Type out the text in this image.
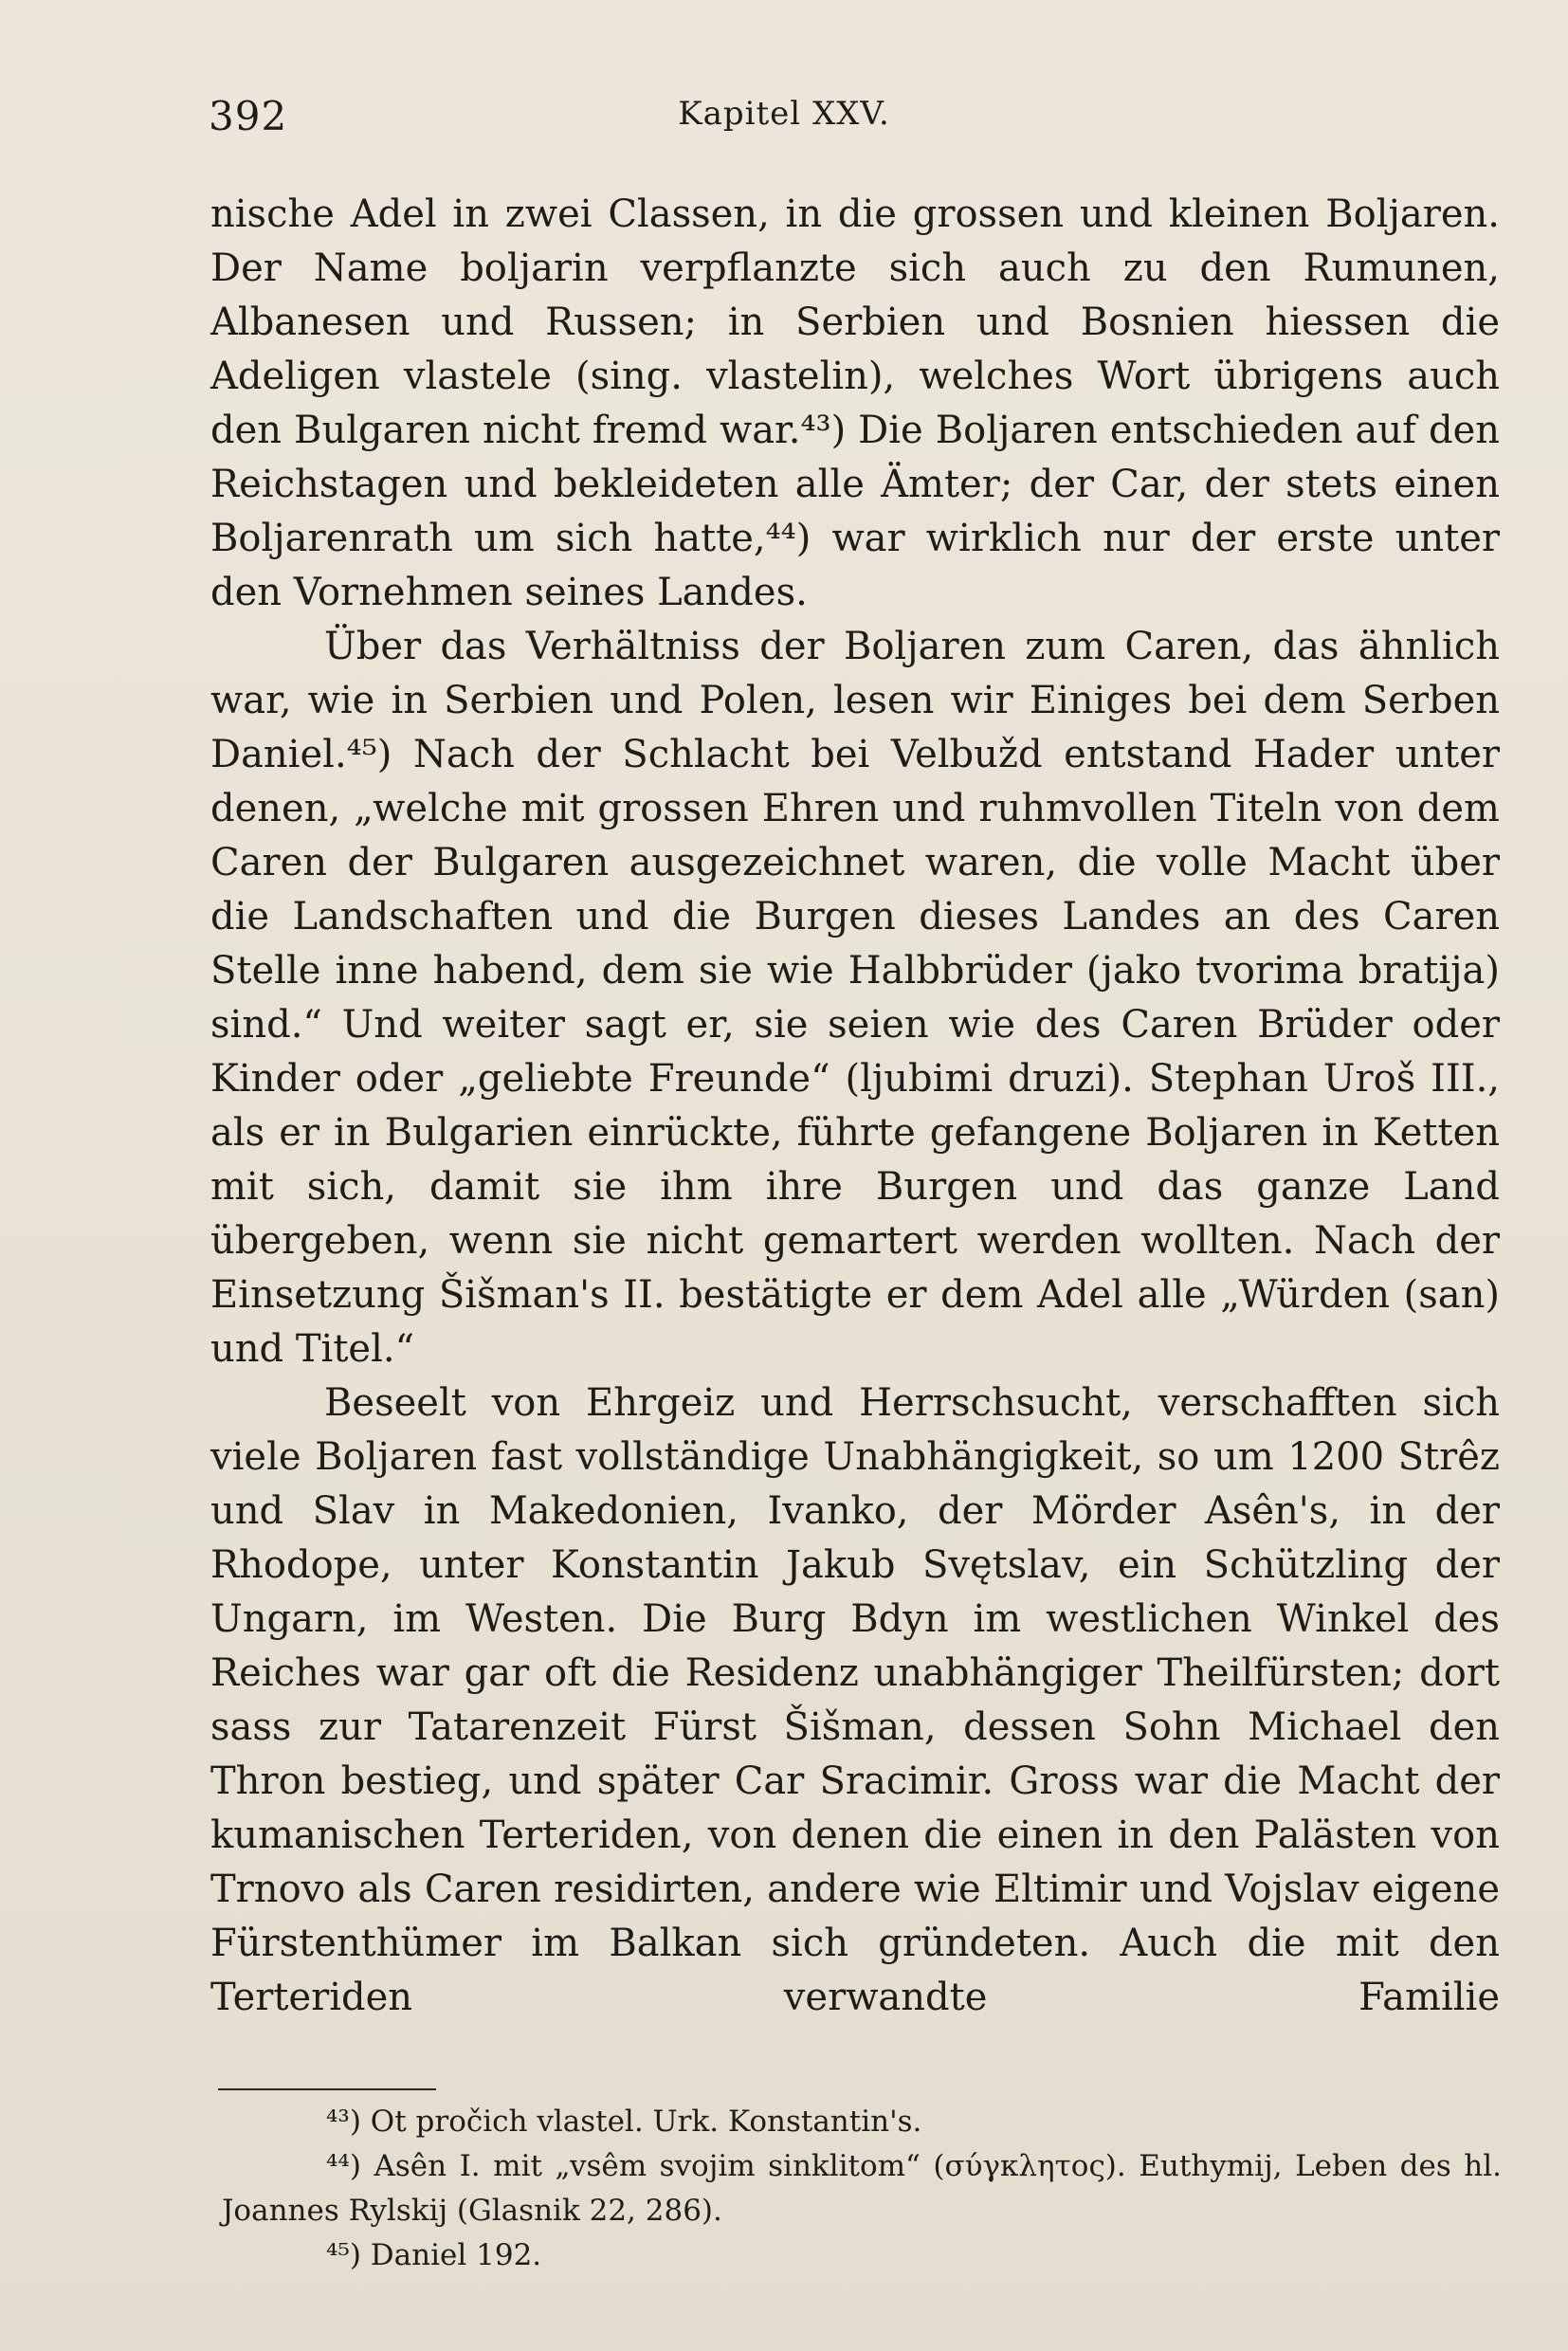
392	Kapitel XXV.

nische Adel in zwei Classen, in die grossen und kleinen Boljaren. Der Name boljarin verpflanzte sich auch zu den Rumunen, Albanesen und Russen; in Serbien und Bosnien hiessen die Adeligen vlastele (sing. vlastelin), welches Wort übrigens auch den Bulgaren nicht fremd war.⁴³) Die Boljaren entschieden auf den Reichstagen und bekleideten alle Ämter; der Car, der stets einen Boljarenrath um sich hatte,⁴⁴) war wirklich nur der erste unter den Vornehmen seines Landes.

Über das Verhältniss der Boljaren zum Caren, das ähnlich war, wie in Serbien und Polen, lesen wir Einiges bei dem Serben Daniel.⁴⁵) Nach der Schlacht bei Velbužd entstand Hader unter denen, „welche mit grossen Ehren und ruhmvollen Titeln von dem Caren der Bulgaren ausgezeichnet waren, die volle Macht über die Landschaften und die Burgen dieses Landes an des Caren Stelle inne habend, dem sie wie Halbbrüder (jako tvorima bratija) sind.“ Und weiter sagt er, sie seien wie des Caren Brüder oder Kinder oder „geliebte Freunde“ (ljubimi druzi). Stephan Uroš III., als er in Bulgarien einrückte, führte gefangene Boljaren in Ketten mit sich, damit sie ihm ihre Burgen und das ganze Land übergeben, wenn sie nicht gemartert werden wollten. Nach der Einsetzung Šišman's II. bestätigte er dem Adel alle „Würden (san) und Titel.“

Beseelt von Ehrgeiz und Herrschsucht, verschafften sich viele Boljaren fast vollständige Unabhängigkeit, so um 1200 Strêz und Slav in Makedonien, Ivanko, der Mörder Asên's, in der Rhodope, unter Konstantin Jakub Svętslav, ein Schützling der Ungarn, im Westen. Die Burg Bdyn im westlichen Winkel des Reiches war gar oft die Residenz unabhängiger Theilfürsten; dort sass zur Tatarenzeit Fürst Šišman, dessen Sohn Michael den Thron bestieg, und später Car Sracimir. Gross war die Macht der kumanischen Terteriden, von denen die einen in den Palästen von Trnovo als Caren residirten, andere wie Eltimir und Vojslav eigene Fürstenthümer im Balkan sich gründeten. Auch die mit den Terteriden verwandte Familie

⁴³) Ot pročich vlastel. Urk. Konstantin's.

⁴⁴) Asên I. mit „vsêm svojim sinklitom“ (σύγκλητος). Euthymij, Leben des hl. Joannes Rylskij (Glasnik 22, 286).

⁴⁵) Daniel 192.
